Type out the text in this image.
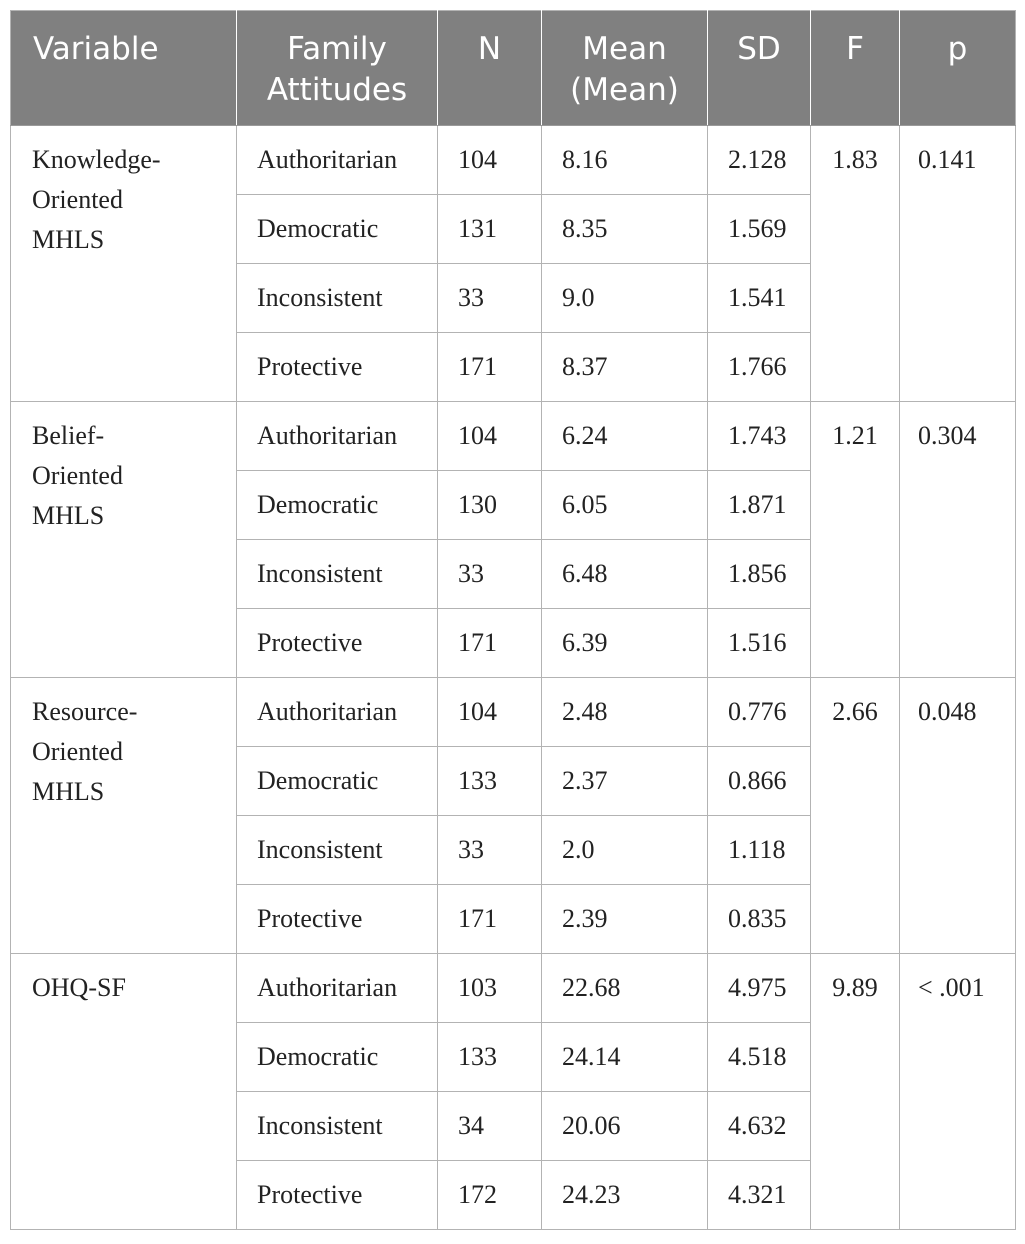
Variable	Family Attitudes	N	Mean (Mean)	SD	F	p
Knowledge-
Oriented
MHLS	Authoritarian	104	8.16	2.128	1.83	0.141
	Democratic	131	8.35	1.569		
	Inconsistent	33	9.0	1.541		
	Protective	171	8.37	1.766		
Belief-
Oriented
MHLS	Authoritarian	104	6.24	1.743	1.21	0.304
	Democratic	130	6.05	1.871		
	Inconsistent	33	6.48	1.856		
	Protective	171	6.39	1.516		
Resource-
Oriented
MHLS	Authoritarian	104	2.48	0.776	2.66	0.048
	Democratic	133	2.37	0.866		
	Inconsistent	33	2.0	1.118		
	Protective	171	2.39	0.835		
OHQ-SF	Authoritarian	103	22.68	4.975	9.89	< .001
	Democratic	133	24.14	4.518		
	Inconsistent	34	20.06	4.632		
	Protective	172	24.23	4.321		
